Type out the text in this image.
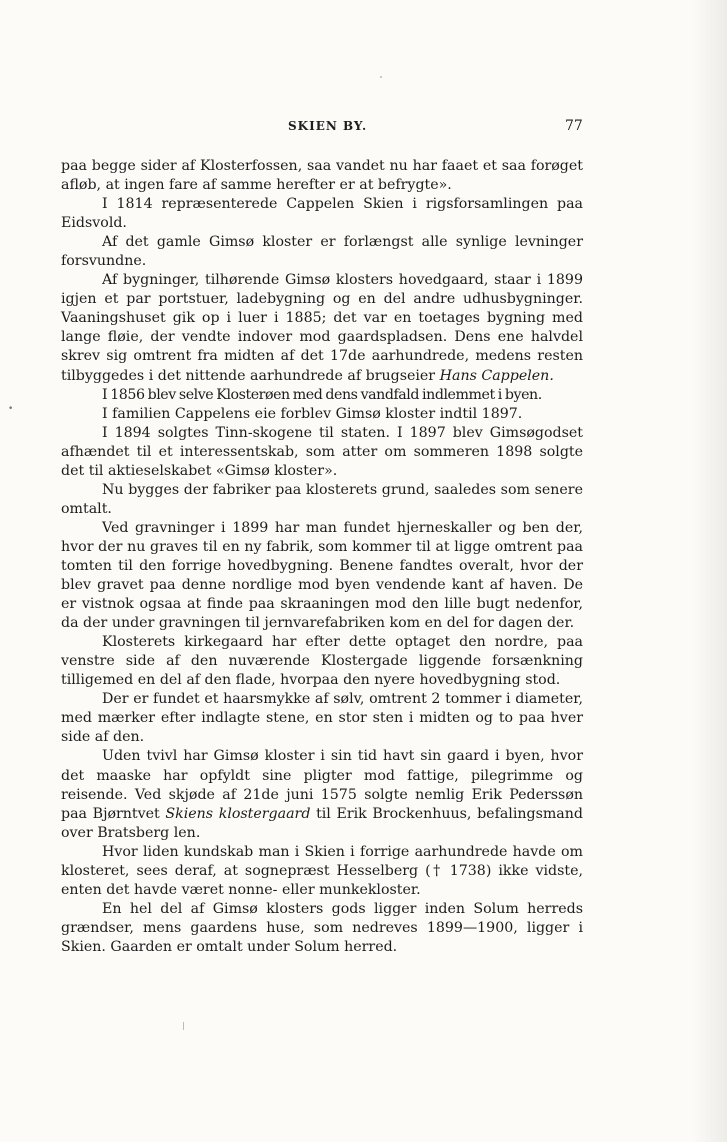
SKIEN BY.	77
•

paa begge sider af Klosterfossen, saa vandet nu har faaet et saa forøget afløb, at ingen fare af samme herefter er at befrygte».

I 1814 repræsenterede Cappelen Skien i rigsforsamlingen paa Eidsvold.

Af det gamle Gimsø kloster er forlængst alle synlige levninger forsvundne.

Af bygninger, tilhørende Gimsø klosters hovedgaard, staar i 1899 igjen et par portstuer, ladebygning og en del andre udhusbygninger. Vaaningshuset gik op i luer i 1885; det var en toetages bygning med lange fløie, der vendte indover mod gaardspladsen. Dens ene halvdel skrev sig omtrent fra midten af det 17de aarhundrede, medens resten tilbyggedes i det nittende aarhundrede af brugseier Hans Cappelen.

I 1856 blev selve Klosterøen med dens vandfald indlemmet i byen.

I familien Cappelens eie forblev Gimsø kloster indtil 1897.

I 1894 solgtes Tinn-skogene til staten. I 1897 blev Gimsøgodset afhændet til et interessentskab, som atter om sommeren 1898 solgte det til aktieselskabet «Gimsø kloster».

Nu bygges der fabriker paa klosterets grund, saaledes som senere omtalt.

Ved gravninger i 1899 har man fundet hjerneskaller og ben der, hvor der nu graves til en ny fabrik, som kommer til at ligge omtrent paa tomten til den forrige hovedbygning. Benene fandtes overalt, hvor der blev gravet paa denne nordlige mod byen vendende kant af haven. De er vistnok ogsaa at finde paa skraaningen mod den lille bugt nedenfor, da der under gravningen til jernvarefabriken kom en del for dagen der.

Klosterets kirkegaard har efter dette optaget den nordre, paa venstre side af den nuværende Klostergade liggende forsænkning tilligemed en del af den flade, hvorpaa den nyere hovedbygning stod.

Der er fundet et haarsmykke af sølv, omtrent 2 tommer i diameter, med mærker efter indlagte stene, en stor sten i midten og to paa hver side af den.

Uden tvivl har Gimsø kloster i sin tid havt sin gaard i byen, hvor det maaske har opfyldt sine pligter mod fattige, pilegrimme og reisende. Ved skjøde af 21de juni 1575 solgte nemlig Erik Pederssøn paa Bjørntvet Skiens klostergaard til Erik Brockenhuus, befalingsmand over Bratsberg len.

Hvor liden kundskab man i Skien i forrige aarhundrede havde om klosteret, sees deraf, at sognepræst Hesselberg († 1738) ikke vidste, enten det havde været nonne- eller munkekloster.

En hel del af Gimsø klosters gods ligger inden Solum herreds grændser, mens gaardens huse, som nedreves 1899—1900, ligger i Skien. Gaarden er omtalt under Solum herred.
